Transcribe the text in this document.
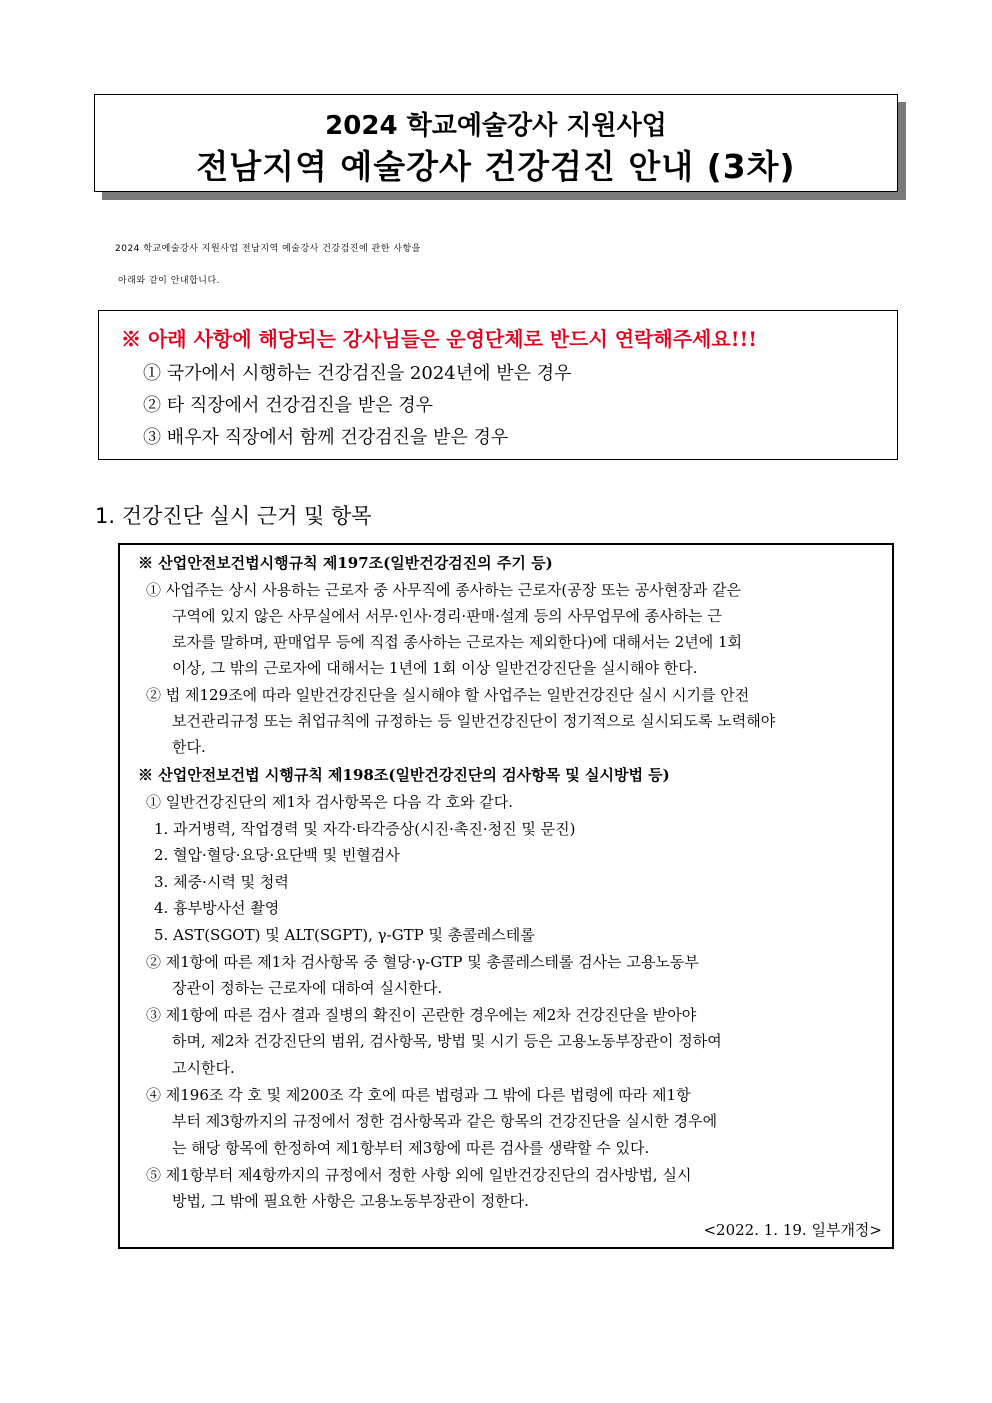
2024 학교예술강사 지원사업
전남지역 예술강사 건강검진 안내 (3차)
2024 학교예술강사 지원사업 전남지역 예술강사 건강검진에 관한 사항을
아래와 같이 안내합니다.
※ 아래 사항에 해당되는 강사님들은 운영단체로 반드시 연락해주세요!!!
① 국가에서 시행하는 건강검진을 2024년에 받은 경우
② 타 직장에서 건강검진을 받은 경우
③ 배우자 직장에서 함께 건강검진을 받은 경우
1. 건강진단 실시 근거 및 항목
※ 산업안전보건법시행규칙 제197조(일반건강검진의 주기 등)
① 사업주는 상시 사용하는 근로자 중 사무직에 종사하는 근로자(공장 또는 공사현장과 같은
구역에 있지 않은 사무실에서 서무·인사·경리·판매·설계 등의 사무업무에 종사하는 근
로자를 말하며, 판매업무 등에 직접 종사하는 근로자는 제외한다)에 대해서는 2년에 1회
이상, 그 밖의 근로자에 대해서는 1년에 1회 이상 일반건강진단을 실시해야 한다.
② 법 제129조에 따라 일반건강진단을 실시해야 할 사업주는 일반건강진단 실시 시기를 안전
보건관리규정 또는 취업규칙에 규정하는 등 일반건강진단이 정기적으로 실시되도록 노력해야
한다.
※ 산업안전보건법 시행규칙 제198조(일반건강진단의 검사항목 및 실시방법 등)
① 일반건강진단의 제1차 검사항목은 다음 각 호와 같다.
1. 과거병력, 작업경력 및 자각·타각증상(시진·촉진·청진 및 문진)
2. 혈압·혈당·요당·요단백 및 빈혈검사
3. 체중·시력 및 청력
4. 흉부방사선 촬영
5. AST(SGOT) 및 ALT(SGPT), γ-GTP 및 총콜레스테롤
② 제1항에 따른 제1차 검사항목 중 혈당·γ-GTP 및 총콜레스테롤 검사는 고용노동부
장관이 정하는 근로자에 대하여 실시한다.
③ 제1항에 따른 검사 결과 질병의 확진이 곤란한 경우에는 제2차 건강진단을 받아야
하며, 제2차 건강진단의 범위, 검사항목, 방법 및 시기 등은 고용노동부장관이 정하여
고시한다.
④ 제196조 각 호 및 제200조 각 호에 따른 법령과 그 밖에 다른 법령에 따라 제1항
부터 제3항까지의 규정에서 정한 검사항목과 같은 항목의 건강진단을 실시한 경우에
는 해당 항목에 한정하여 제1항부터 제3항에 따른 검사를 생략할 수 있다.
⑤ 제1항부터 제4항까지의 규정에서 정한 사항 외에 일반건강진단의 검사방법, 실시
방법, 그 밖에 필요한 사항은 고용노동부장관이 정한다.
<2022. 1. 19. 일부개정>
